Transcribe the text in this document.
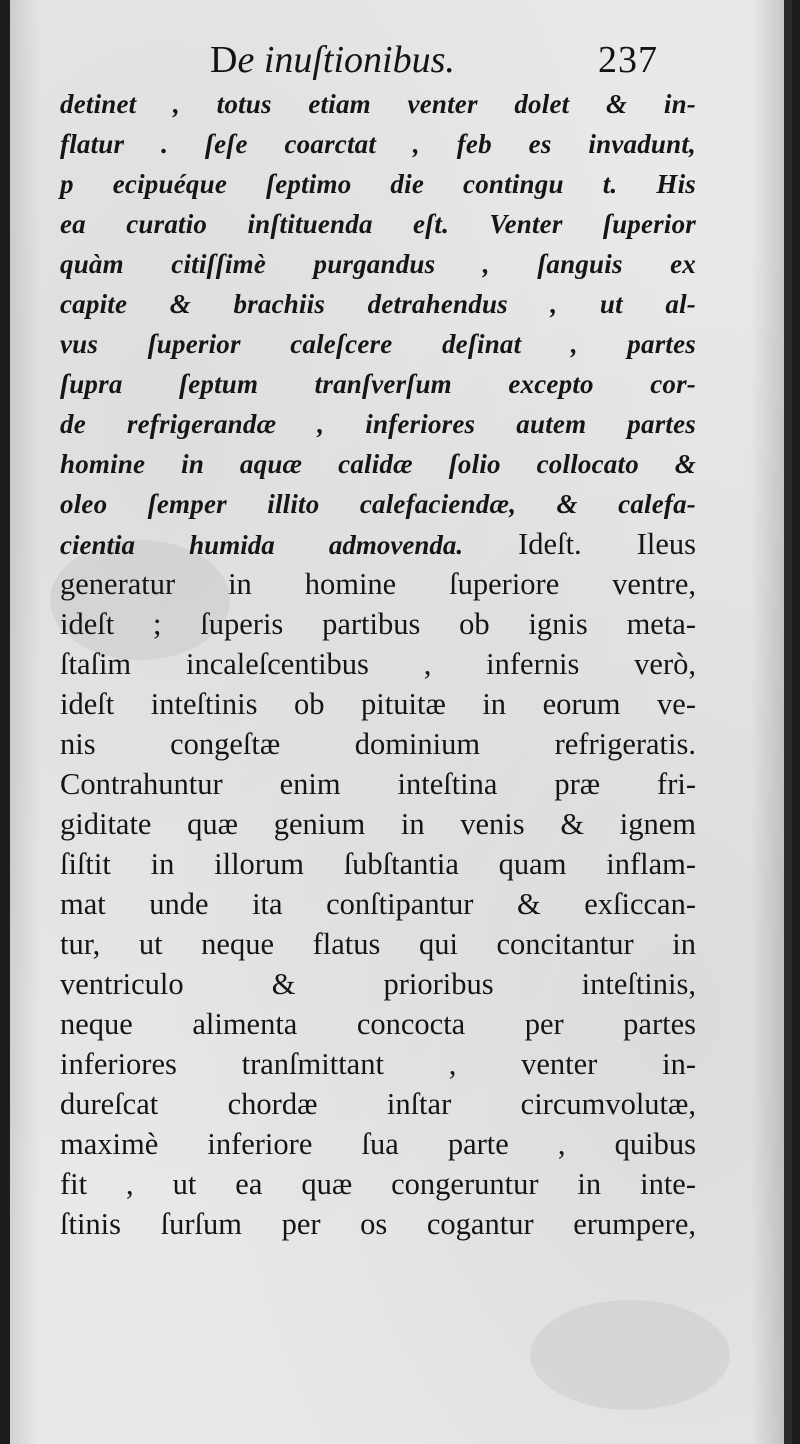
De inuſtionibus.	237
detinet , totus etiam venter dolet & in-
flatur . ſeſe coarctat , feb es invadunt,
p ecipuéque ſeptimo die contingu t. His
ea curatio inſtituenda eſt. Venter ſuperior
quàm citiſſimè purgandus , ſanguis ex
capite & brachiis detrahendus , ut al-
vus ſuperior caleſcere deſinat , partes
ſupra ſeptum tranſverſum excepto cor-
de refrigerandæ , inferiores autem partes
homine in aquæ calidæ ſolio collocato &
oleo ſemper illito calefaciendæ, & calefa-
cientia humida admovenda. Ideſt. Ileus
generatur in homine ſuperiore ventre,
ideſt ; ſuperis partibus ob ignis meta-
ſtaſim incaleſcentibus , infernis verò,
ideſt inteſtinis ob pituitæ in eorum ve-
nis congeſtæ dominium refrigeratis.
Contrahuntur enim inteſtina præ fri-
giditate quæ genium in venis & ignem
ſiſtit in illorum ſubſtantia quam inflam-
mat unde ita conſtipantur & exſiccan-
tur, ut neque flatus qui concitantur in
ventriculo & prioribus inteſtinis,
neque alimenta concocta per partes
inferiores tranſmittant , venter in-
dureſcat chordæ inſtar circumvolutæ,
maximè inferiore ſua parte , quibus
fit , ut ea quæ congeruntur in inte-
ſtinis ſurſum per os cogantur erumpere,
